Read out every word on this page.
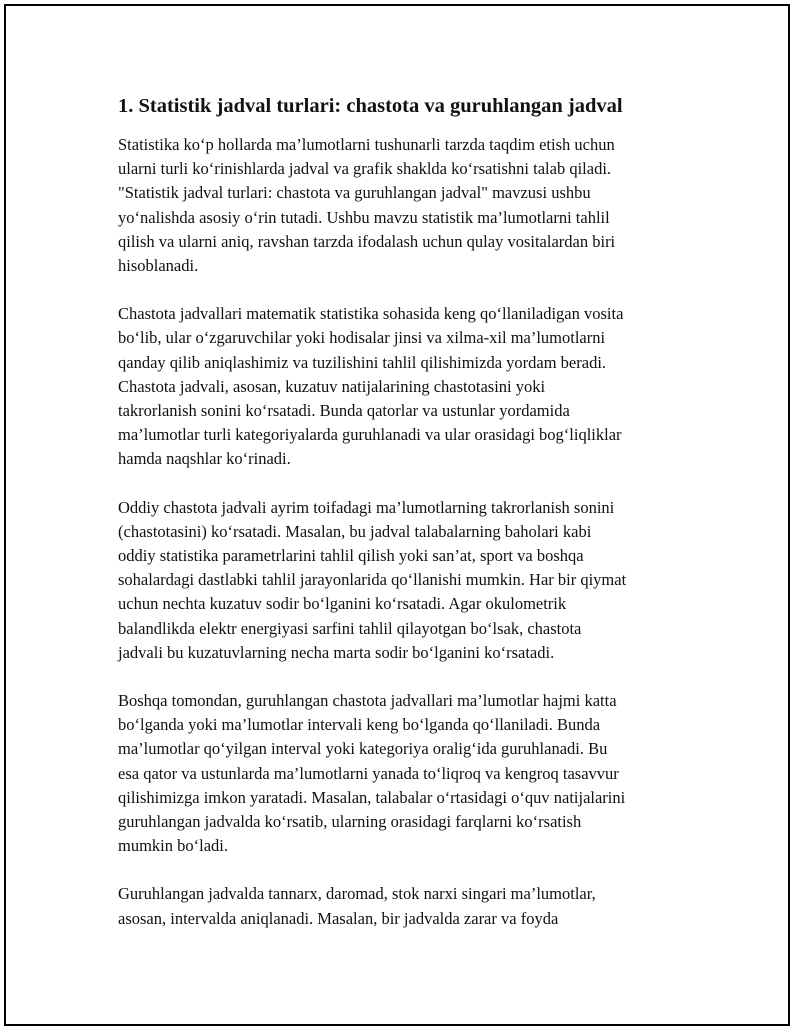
1. Statistik jadval turlari: chastota va guruhlangan jadval

Statistika ko‘p hollarda ma’lumotlarni tushunarli tarzda taqdim etish uchun
ularni turli ko‘rinishlarda jadval va grafik shaklda ko‘rsatishni talab qiladi.
"Statistik jadval turlari: chastota va guruhlangan jadval" mavzusi ushbu
yo‘nalishda asosiy o‘rin tutadi. Ushbu mavzu statistik ma’lumotlarni tahlil
qilish va ularni aniq, ravshan tarzda ifodalash uchun qulay vositalardan biri
hisoblanadi.

Chastota jadvallari matematik statistika sohasida keng qo‘llaniladigan vosita
bo‘lib, ular o‘zgaruvchilar yoki hodisalar jinsi va xilma-xil ma’lumotlarni
qanday qilib aniqlashimiz va tuzilishini tahlil qilishimizda yordam beradi.
Chastota jadvali, asosan, kuzatuv natijalarining chastotasini yoki
takrorlanish sonini ko‘rsatadi. Bunda qatorlar va ustunlar yordamida
ma’lumotlar turli kategoriyalarda guruhlanadi va ular orasidagi bog‘liqliklar
hamda naqshlar ko‘rinadi.

Oddiy chastota jadvali ayrim toifadagi ma’lumotlarning takrorlanish sonini
(chastotasini) ko‘rsatadi. Masalan, bu jadval talabalarning baholari kabi
oddiy statistika parametrlarini tahlil qilish yoki san’at, sport va boshqa
sohalardagi dastlabki tahlil jarayonlarida qo‘llanishi mumkin. Har bir qiymat
uchun nechta kuzatuv sodir bo‘lganini ko‘rsatadi. Agar okulometrik
balandlikda elektr energiyasi sarfini tahlil qilayotgan bo‘lsak, chastota
jadvali bu kuzatuvlarning necha marta sodir bo‘lganini ko‘rsatadi.

Boshqa tomondan, guruhlangan chastota jadvallari ma’lumotlar hajmi katta
bo‘lganda yoki ma’lumotlar intervali keng bo‘lganda qo‘llaniladi. Bunda
ma’lumotlar qo‘yilgan interval yoki kategoriya oralig‘ida guruhlanadi. Bu
esa qator va ustunlarda ma’lumotlarni yanada to‘liqroq va kengroq tasavvur
qilishimizga imkon yaratadi. Masalan, talabalar o‘rtasidagi o‘quv natijalarini
guruhlangan jadvalda ko‘rsatib, ularning orasidagi farqlarni ko‘rsatish
mumkin bo‘ladi.

Guruhlangan jadvalda tannarx, daromad, stok narxi singari ma’lumotlar,
asosan, intervalda aniqlanadi. Masalan, bir jadvalda zarar va foyda
